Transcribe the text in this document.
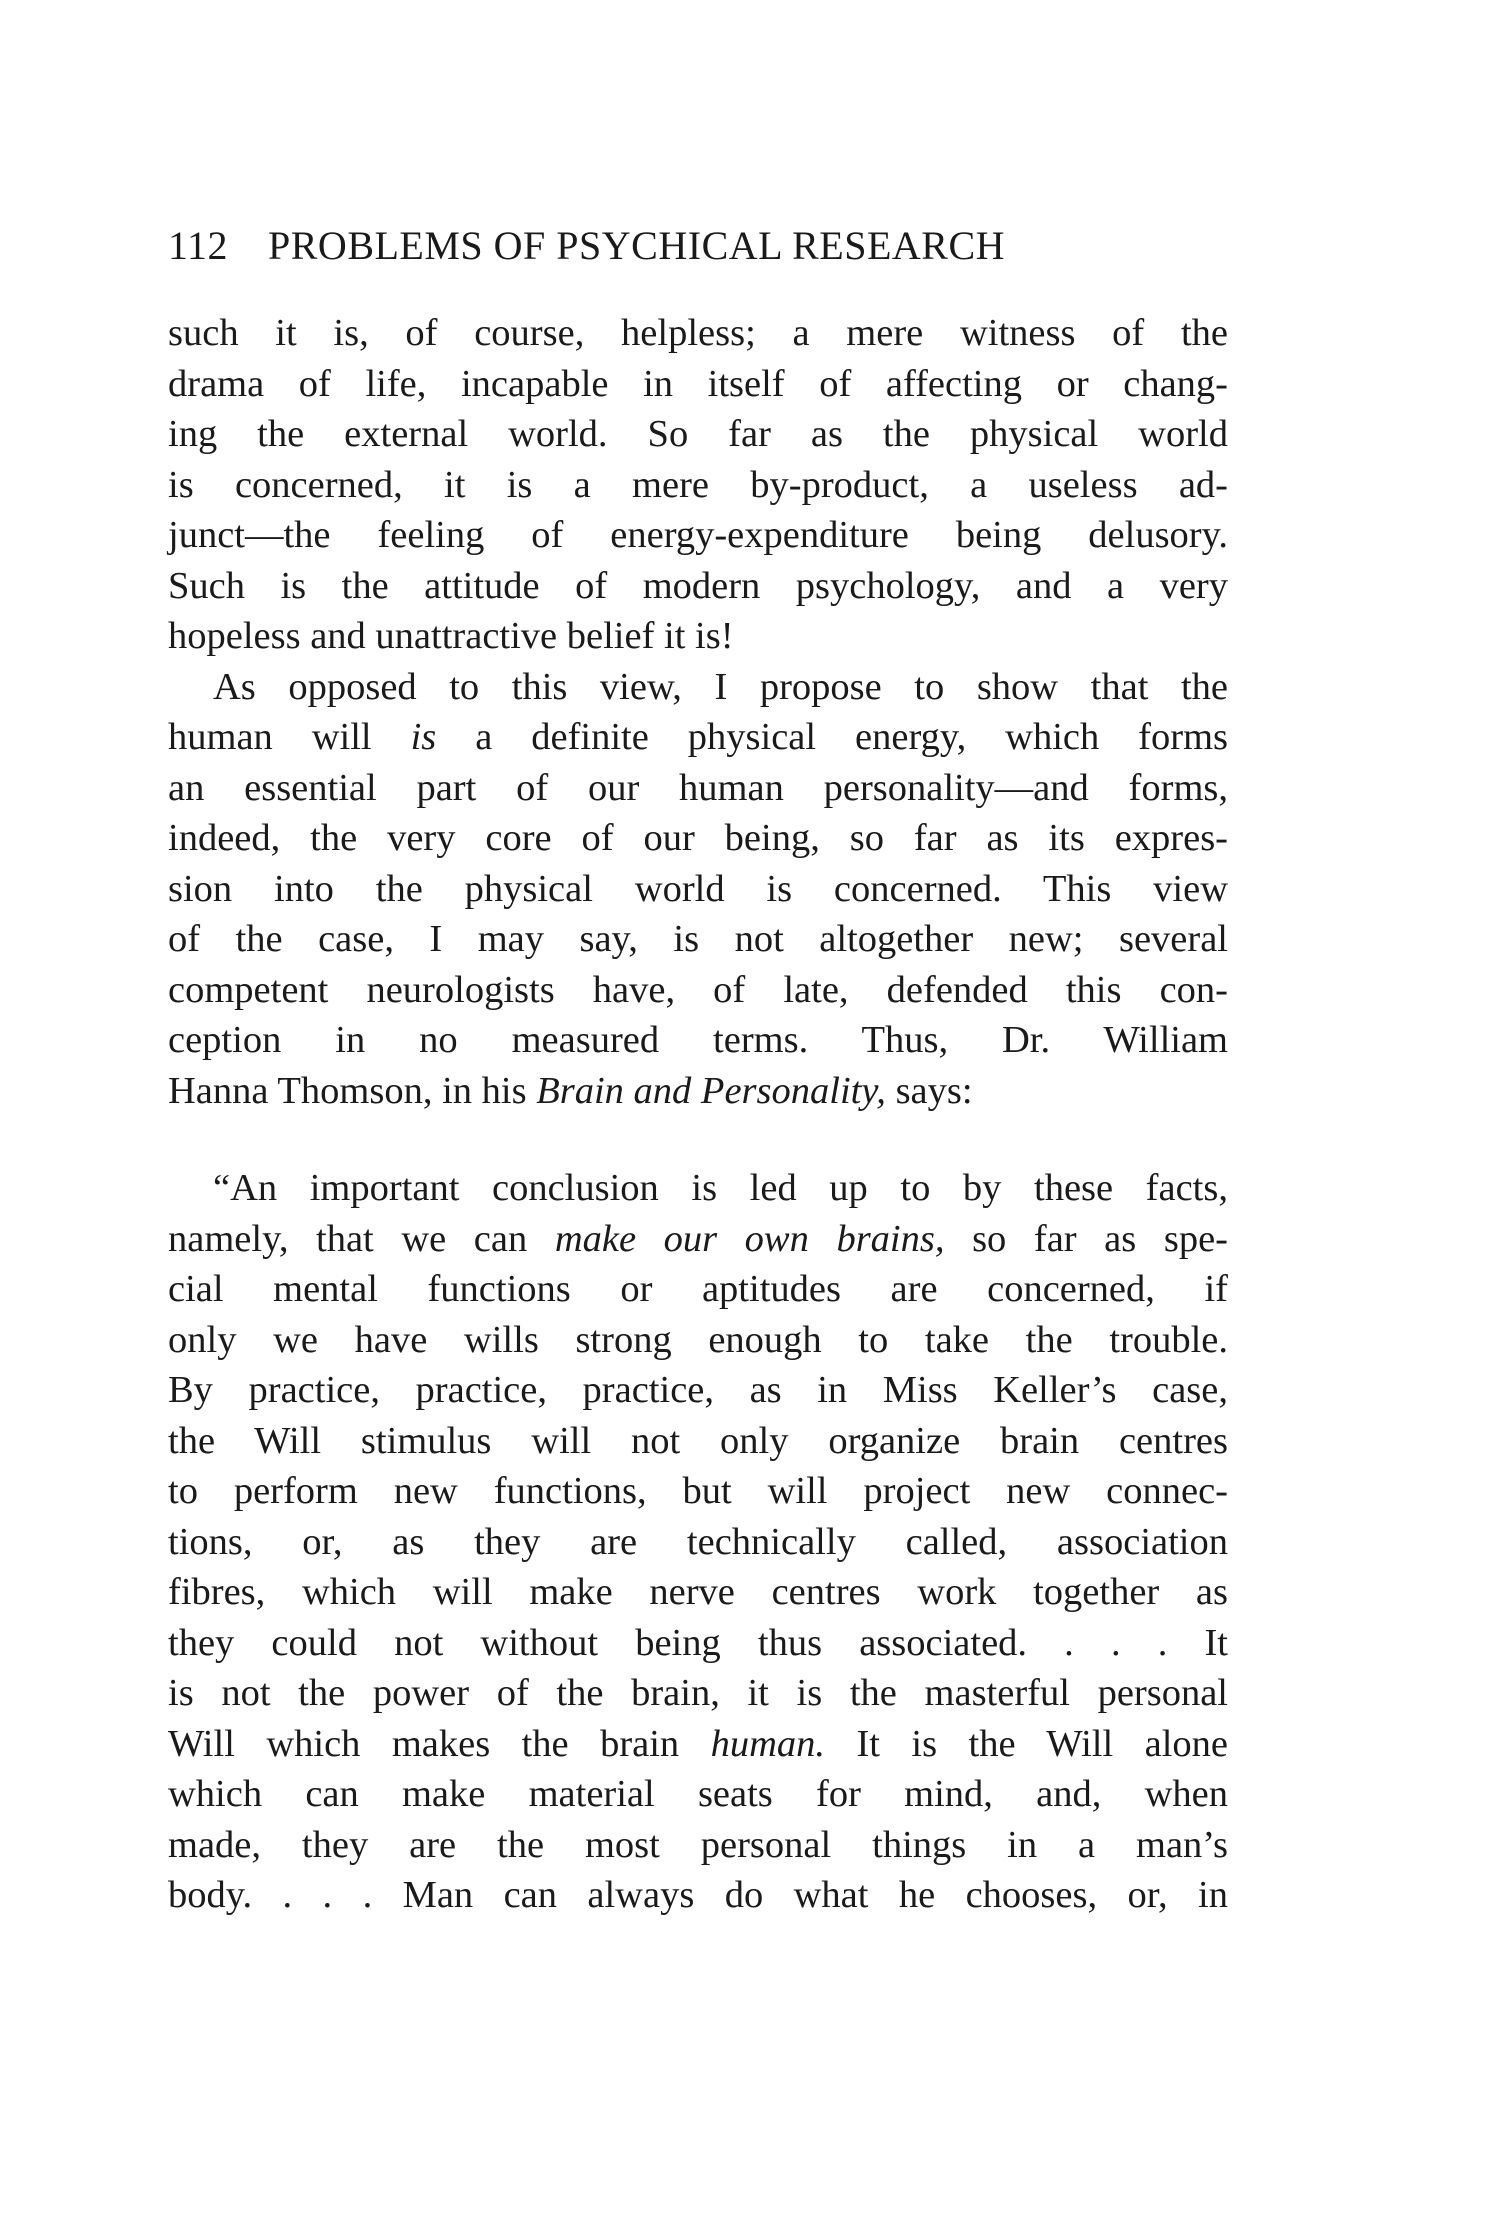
112 PROBLEMS OF PSYCHICAL RESEARCH
such it is, of course, helpless; a mere witness of the
drama of life, incapable in itself of affecting or chang-
ing the external world. So far as the physical world
is concerned, it is a mere by-product, a useless ad-
junct—the feeling of energy-expenditure being delusory.
Such is the attitude of modern psychology, and a very
hopeless and unattractive belief it is!
As opposed to this view, I propose to show that the
human will is a definite physical energy, which forms
an essential part of our human personality—and forms,
indeed, the very core of our being, so far as its expres-
sion into the physical world is concerned. This view
of the case, I may say, is not altogether new; several
competent neurologists have, of late, defended this con-
ception in no measured terms. Thus, Dr. William
Hanna Thomson, in his Brain and Personality, says:
“An important conclusion is led up to by these facts,
namely, that we can make our own brains, so far as spe-
cial mental functions or aptitudes are concerned, if
only we have wills strong enough to take the trouble.
By practice, practice, practice, as in Miss Keller’s case,
the Will stimulus will not only organize brain centres
to perform new functions, but will project new connec-
tions, or, as they are technically called, association
fibres, which will make nerve centres work together as
they could not without being thus associated. . . . It
is not the power of the brain, it is the masterful personal
Will which makes the brain human. It is the Will alone
which can make material seats for mind, and, when
made, they are the most personal things in a man’s
body. . . . Man can always do what he chooses, or, in
